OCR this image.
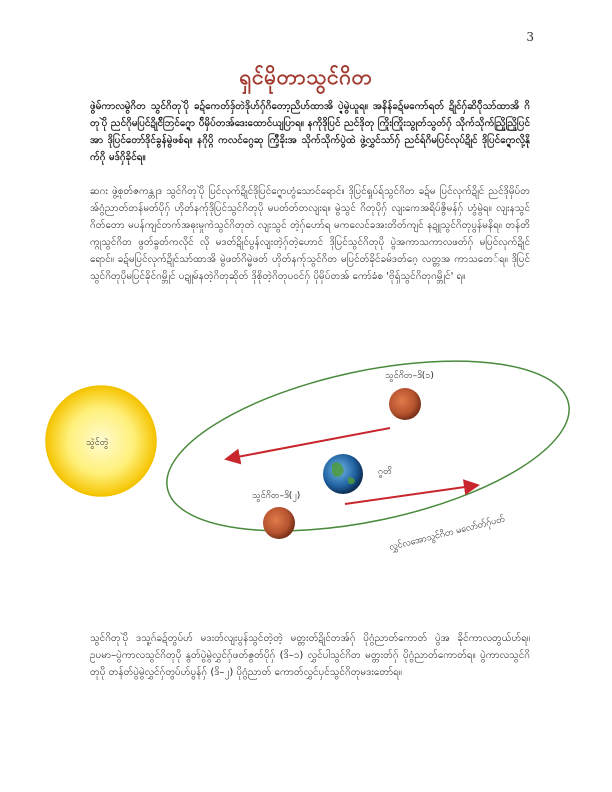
3
ရှင်မိုတာသွင်ဂိတ
ဖွဲမ်ကာလမွဲဂိတ သွင်ဂိတုပိုဲ ခဍ်ကေတ်ဒှ်တဲဒိုဟ်ဂှ်ဂိတော့ညိဟ်ထာအိ ပ္ဍဲမွဲယူရ။ အနိန်ခဍ်မကော်ရတ် ဍိုင်ဂှ်ဆိပ်ိုသာ်ထာအိ ဂိတုပိုဲ ညင်ဂိုမပြင်ဍိုင်ိဘြင်ဂ္ရော ပ်ိမှိပ်တအ်ဒေးထောင်ယျပြာရ။ နကိုဒိုပြင် ညင်ဒိုတု ကြိုးကြိုးသွုတ်သွတ်ဂှ် သိုက်သိုက်ညြိုညြိုပြင်အာ ဒိုပြင်တော်ဒိုင်ခွန်မွဲဖစ်ရ။ နဂိုပ္ဂိ ကလင်ဂွေဆု ကြီ့ခိုးအ သိုက်သိုက်ပွဲထဲ ဖွဲ့လွှင်သာ်ဂှ် ညင်ရ်ဂိမပြင်လုပ်ဍိုင် ဒိုပြင်ဂ္ရောလို့နိုက်ဂို မဒ်ဂှိခိုင်ရ။
ဆဂး ဖွဲ့စုတ်ဇကန္တုဒ သွင်ဂိတုပိုဲ ပြင်လုက်ဍိုင်ဒိုပြင်ဂ္ရောဟွံသောင်ရောင်။ ဒိုပြင်ရှုပ်ရ်သွင်ဂိတ ခဍ်မ ပြင်လုက်ဍိုင် ညင်ဒိုမှိပ်တအ်ဂွံညာတ်တန်မတ်ပိုဂှ် ဟိုတ်နက်ုဒိုပြင်သွင်ဂိတုပို မပတ်တ်တလျးရ။ မွဲသွင် ဂိတုပိုဂှ် လျးကေအရိပ်ဇွိမန်ဂှ် ဟွံမွဲရ။ လျးနသွင်ဂိတ်တော မပန်ကျင်တက်အဓုးမှုကဲသွင်ဂိတုတဲ လျးသွင် တဲ့ဂှ်ဟော်ရ မကလေင်ခအးတိတ်ကျင် နဍူသွင်ဂိတုပွန်မနိရ။ တန်တိက္ဂုသွင်ဂိတ ဖွတ်ခွတ်ကလိုင် လို မဒတ်ဍိုင်ပွန်လျးတဲ့ဂှ်တဲ့ဟောင် ဒိုပြင်သွင်ဂိတုပို ပွဲအကာသကာလဖတ်ဂှ် မပြင်လုက်ဍိုင်ရောင်။ ခဍ်မပြင်လုက်ဍိုင်သာ်ထာအိ မွဲဖတ်ဂိမ္မဲဖတ် ဟိုတ်နက်ုသွင်ဂိတ မပြင်တ်ခိုင်ခမ်ဒတ်ဂေ့ လတ္တအ ကာသတေ်ရ။ ဒိုပြင်သွင်ဂိတုပိုမပြင်ခိုင်ဂမ္ဘိုင် ပဍူမ်နတဲ့ဂိတုဆိုတ် ဒိုစိုတဲ့ဂိတုပဝင်ဂှ် ပိုမှိပ်တအ် ကော်ခံစ 'ဗိုရှ်သွင်ဂိတုဂမ္ဘိုင်' ရ။
သွဲင်တွဲ
ဂွတိ
သွင်ဂိတ–ဒိ(၁)
သွင်ဂိတ–ဒိ(၂)
လွှင်လအောသွင်ဂိတ မလော်တ်ဂှ်ပတ်
သွင်ဂိတုပိုဲ ဒသူ့ဂ်ခဍ်တွပ်ဟ် မဒးတ်လျးပွန်သွင်တဲ့တဲ့ မတ္တးတ်ဍိုင်တအ်ဂှ် ပိုဂွံညာတ်ကောတ် ပွဲအ ခိုင်ကာလတွယ်ဟ်ရ။ ဥပမာ–ပွဲကာလသွင်ဂိတုပို နွတ်ပွဲမွဲလွှင်ဂှ်ဖတ်ဇွတ်ပိုဂှ် (ဒိ–၁) လွှင်ပါသွင်ဂိတ မတ္တးတ်ဂှ် ပိုဂွံညာတ်ကောတ်ရ။ ပွဲကာလသွင်ဂိတုပို တန်တ်ပွဲမွဲလွှင်ဂှ်တွပ်ဟ်ပွန်ဂှ် (ဒိ–၂) ပိုဂွံညာတ် ကောတ်လွှင်ပှင်သွင်ဂိတုမဒးတော်ရ။
